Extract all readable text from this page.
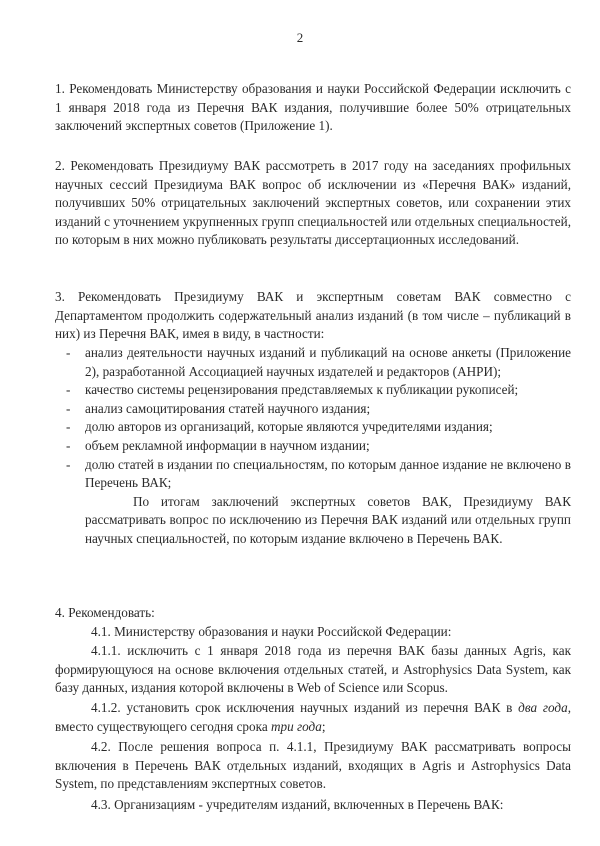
2
1. Рекомендовать Министерству образования и науки Российской Федерации исключить с 1 января 2018 года из Перечня ВАК издания, получившие более 50% отрицательных заключений экспертных советов (Приложение 1).
2. Рекомендовать Президиуму ВАК рассмотреть в 2017 году на заседаниях профильных научных сессий Президиума ВАК вопрос об исключении из «Перечня ВАК» изданий, получивших 50% отрицательных заключений экспертных советов, или сохранении этих изданий с уточнением укрупненных групп специальностей или отдельных специальностей, по которым в них можно публиковать результаты диссертационных исследований.
3. Рекомендовать Президиуму ВАК и экспертным советам ВАК совместно с Департаментом продолжить содержательный анализ изданий (в том числе – публикаций в них) из Перечня ВАК, имея в виду, в частности:
- анализ деятельности научных изданий и публикаций на основе анкеты (Приложение 2), разработанной Ассоциацией научных издателей и редакторов (АНРИ);
- качество системы рецензирования представляемых к публикации рукописей;
- анализ самоцитирования статей научного издания;
- долю авторов из организаций, которые являются учредителями издания;
- объем рекламной информации в научном издании;
- долю статей в издании по специальностям, по которым данное издание не включено в Перечень ВАК;
По итогам заключений экспертных советов ВАК, Президиуму ВАК рассматривать вопрос по исключению из Перечня ВАК изданий или отдельных групп научных специальностей, по которым издание включено в Перечень ВАК.
4. Рекомендовать:
4.1. Министерству образования и науки Российской Федерации:
4.1.1. исключить с 1 января 2018 года из перечня ВАК базы данных Agris, как формирующуюся на основе включения отдельных статей, и Astrophysics Data System, как базу данных, издания которой включены в Web of Science или Scopus.
4.1.2. установить срок исключения научных изданий из перечня ВАК в два года, вместо существующего сегодня срока три года;
4.2. После решения вопроса п. 4.1.1, Президиуму ВАК рассматривать вопросы включения в Перечень ВАК отдельных изданий, входящих в Agris и Astrophysics Data System, по представлениям экспертных советов.
4.3. Организациям - учредителям изданий, включенных в Перечень ВАК:
